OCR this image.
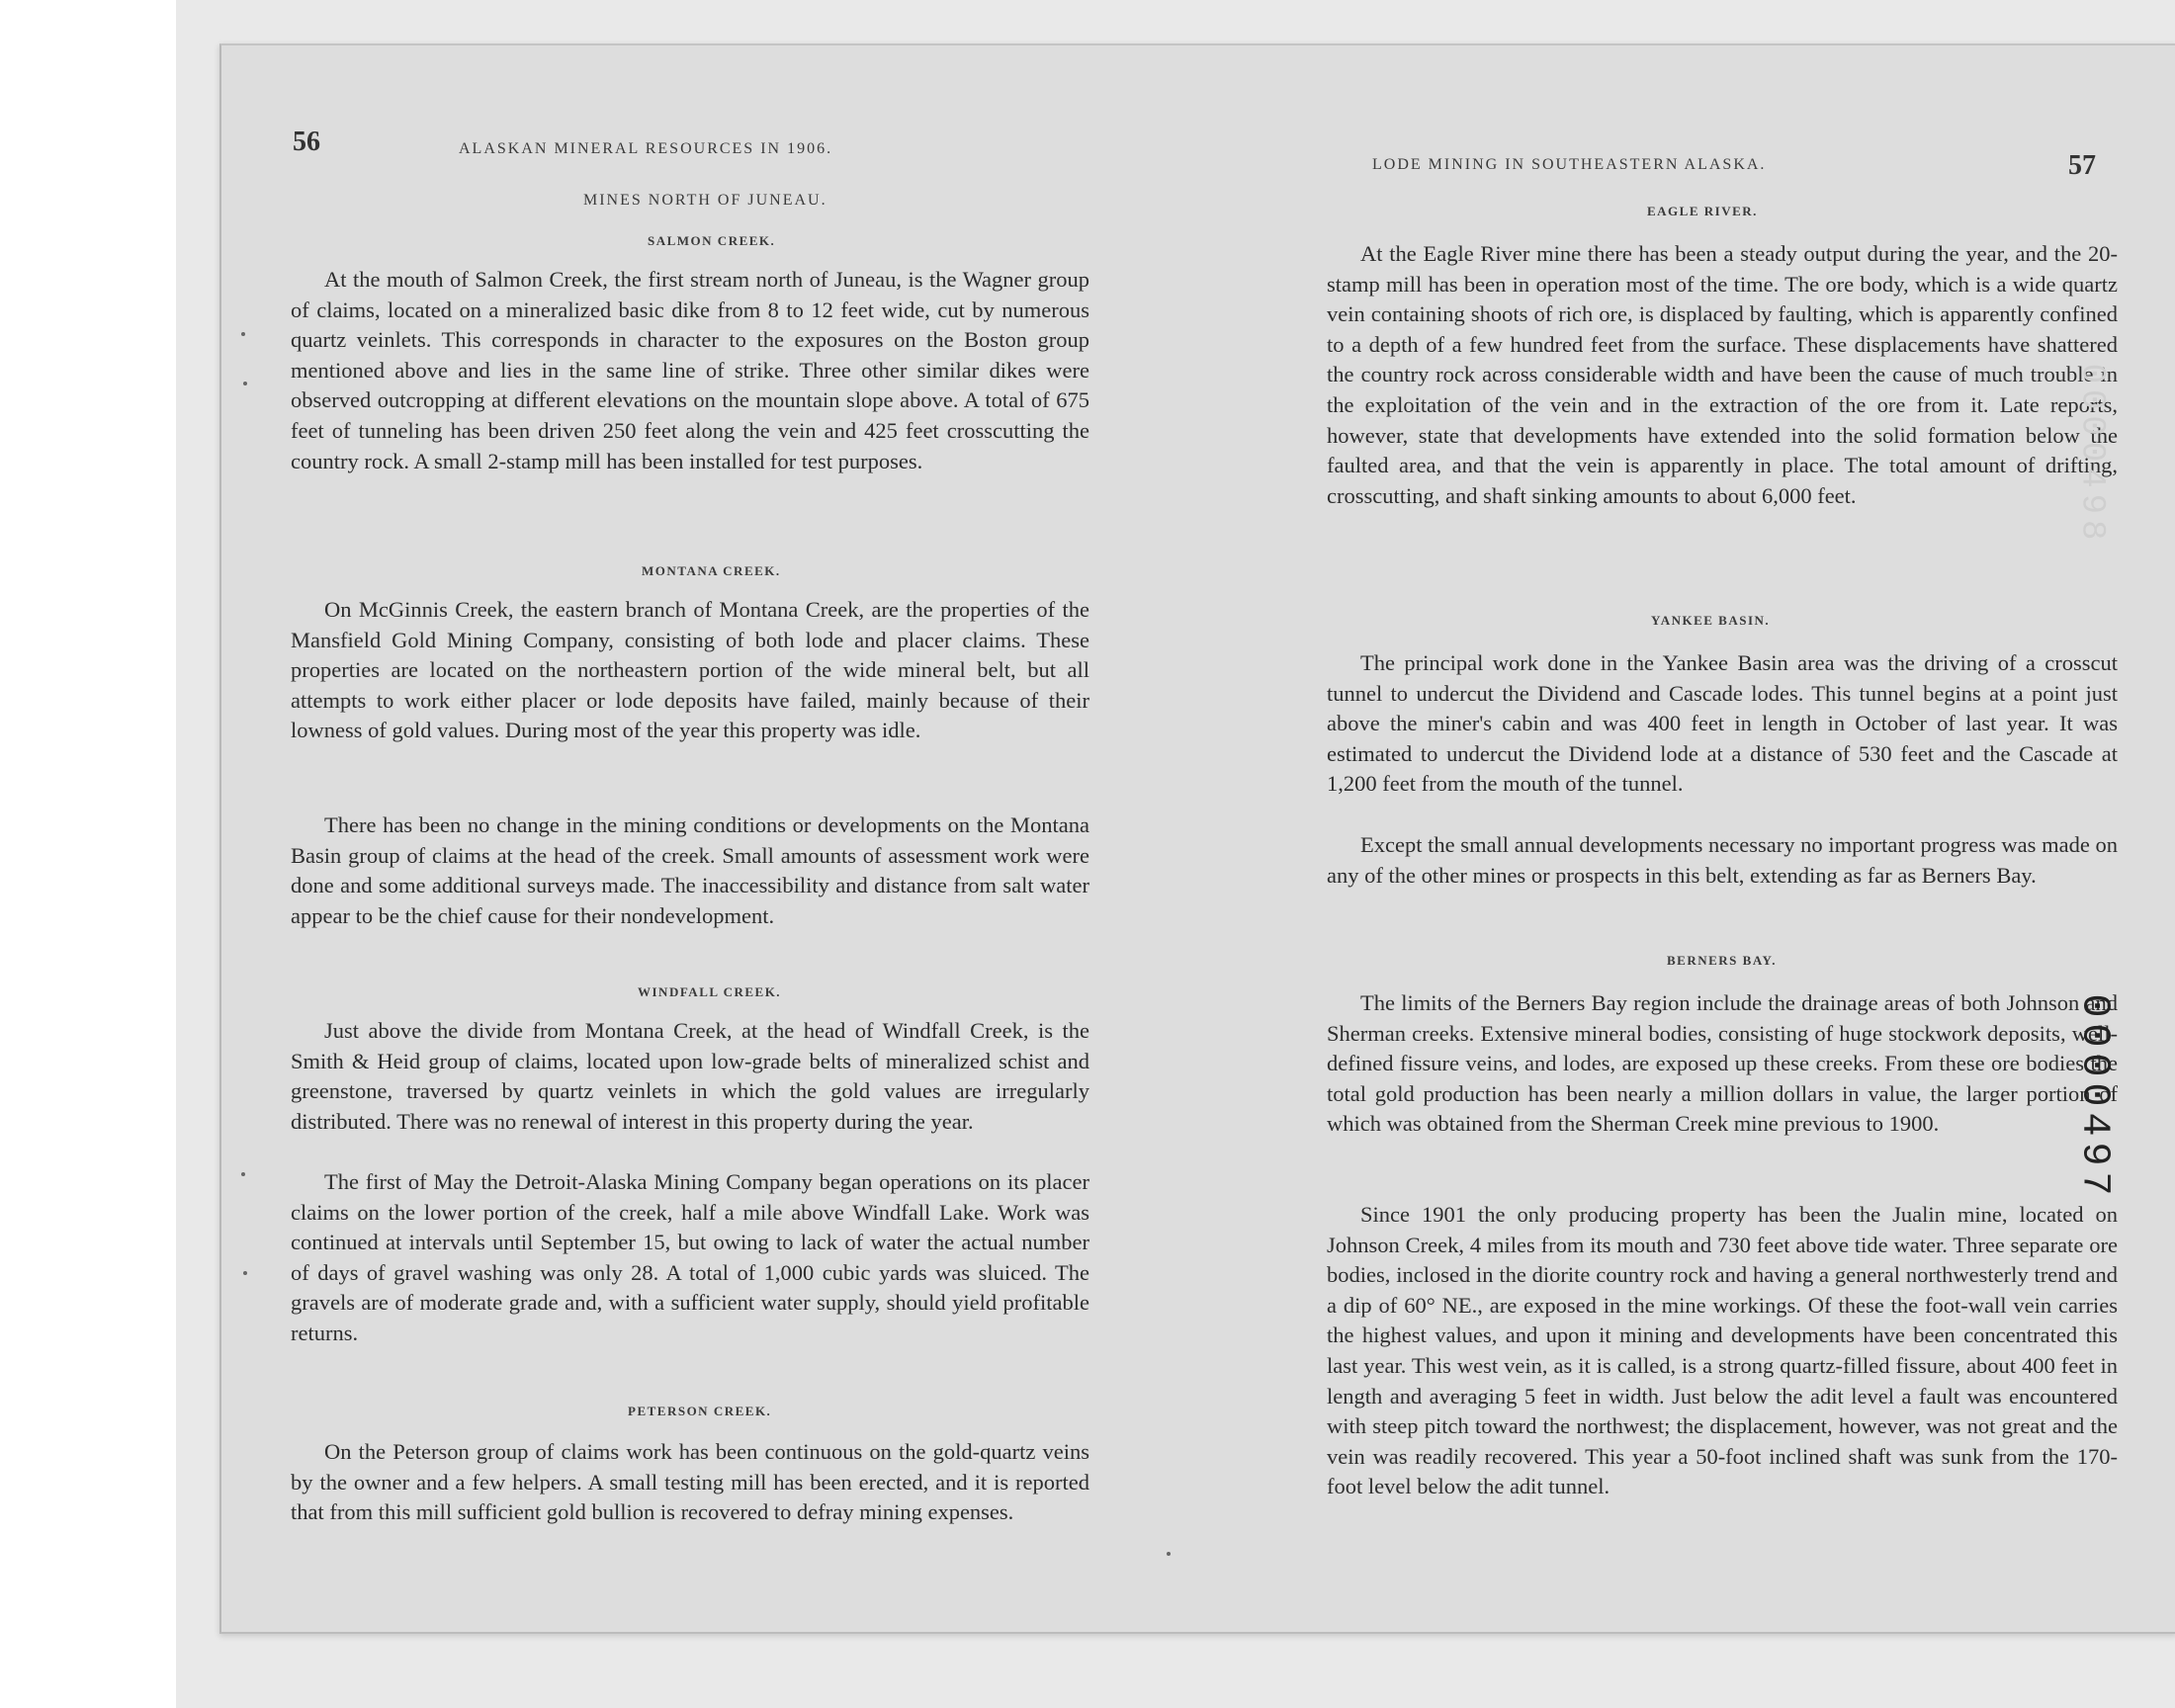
56	ALASKAN MINERAL RESOURCES IN 1906.
MINES NORTH OF JUNEAU.
SALMON CREEK.

At the mouth of Salmon Creek, the first stream north of Juneau, is the Wagner group of claims, located on a mineralized basic dike from 8 to 12 feet wide, cut by numerous quartz veinlets. This corresponds in character to the exposures on the Boston group mentioned above and lies in the same line of strike. Three other similar dikes were observed outcropping at different elevations on the mountain slope above. A total of 675 feet of tunneling has been driven 250 feet along the vein and 425 feet crosscutting the country rock. A small 2-stamp mill has been installed for test purposes.

MONTANA CREEK.

On McGinnis Creek, the eastern branch of Montana Creek, are the properties of the Mansfield Gold Mining Company, consisting of both lode and placer claims. These properties are located on the northeastern portion of the wide mineral belt, but all attempts to work either placer or lode deposits have failed, mainly because of their lowness of gold values. During most of the year this property was idle.

There has been no change in the mining conditions or developments on the Montana Basin group of claims at the head of the creek. Small amounts of assessment work were done and some additional surveys made. The inaccessibility and distance from salt water appear to be the chief cause for their nondevelopment.

WINDFALL CREEK.

Just above the divide from Montana Creek, at the head of Windfall Creek, is the Smith & Heid group of claims, located upon low-grade belts of mineralized schist and greenstone, traversed by quartz veinlets in which the gold values are irregularly distributed. There was no renewal of interest in this property during the year.

The first of May the Detroit-Alaska Mining Company began operations on its placer claims on the lower portion of the creek, half a mile above Windfall Lake. Work was continued at intervals until September 15, but owing to lack of water the actual number of days of gravel washing was only 28. A total of 1,000 cubic yards was sluiced. The gravels are of moderate grade and, with a sufficient water supply, should yield profitable returns.

PETERSON CREEK.

On the Peterson group of claims work has been continuous on the gold-quartz veins by the owner and a few helpers. A small testing mill has been erected, and it is reported that from this mill sufficient gold bullion is recovered to defray mining expenses.

LODE MINING IN SOUTHEASTERN ALASKA.	57
EAGLE RIVER.

At the Eagle River mine there has been a steady output during the year, and the 20-stamp mill has been in operation most of the time. The ore body, which is a wide quartz vein containing shoots of rich ore, is displaced by faulting, which is apparently confined to a depth of a few hundred feet from the surface. These displacements have shattered the country rock across considerable width and have been the cause of much trouble in the exploitation of the vein and in the extraction of the ore from it. Late reports, however, state that developments have extended into the solid formation below the faulted area, and that the vein is apparently in place. The total amount of drifting, crosscutting, and shaft sinking amounts to about 6,000 feet.

YANKEE BASIN.

The principal work done in the Yankee Basin area was the driving of a crosscut tunnel to undercut the Dividend and Cascade lodes. This tunnel begins at a point just above the miner's cabin and was 400 feet in length in October of last year. It was estimated to undercut the Dividend lode at a distance of 530 feet and the Cascade at 1,200 feet from the mouth of the tunnel.

Except the small annual developments necessary no important progress was made on any of the other mines or prospects in this belt, extending as far as Berners Bay.

BERNERS BAY.

The limits of the Berners Bay region include the drainage areas of both Johnson and Sherman creeks. Extensive mineral bodies, consisting of huge stockwork deposits, well-defined fissure veins, and lodes, are exposed up these creeks. From these ore bodies the total gold production has been nearly a million dollars in value, the larger portion of which was obtained from the Sherman Creek mine previous to 1900.

Since 1901 the only producing property has been the Jualin mine, located on Johnson Creek, 4 miles from its mouth and 730 feet above tide water. Three separate ore bodies, inclosed in the diorite country rock and having a general northwesterly trend and a dip of 60° NE., are exposed in the mine workings. Of these the foot-wall vein carries the highest values, and upon it mining and developments have been concentrated this last year. This west vein, as it is called, is a strong quartz-filled fissure, about 400 feet in length and averaging 5 feet in width. Just below the adit level a fault was encountered with steep pitch toward the northwest; the displacement, however, was not great and the vein was readily recovered. This year a 50-foot inclined shaft was sunk from the 170-foot level below the adit tunnel.

0000498
0000497
